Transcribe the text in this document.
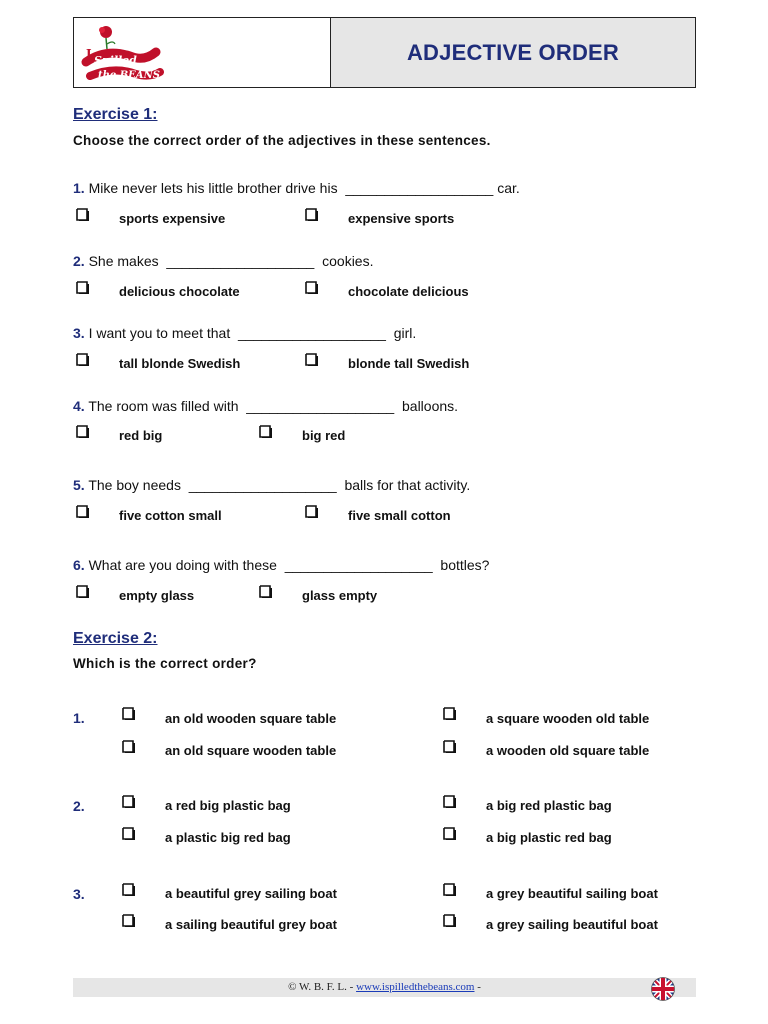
Spilled
the BEANS
I	ADJECTIVE ORDER
Exercise 1:
Choose the correct order of the adjectives in these sentences.
1. Mike never lets his little brother drive his ___________________ car.
sports expensive	expensive sports
2. She makes ___________________ cookies.
delicious chocolate	chocolate delicious
3. I want you to meet that ___________________ girl.
tall blonde Swedish	blonde tall Swedish
4. The room was filled with ___________________ balloons.
red big	big red
5. The boy needs ___________________ balls for that activity.
five cotton small	five small cotton
6. What are you doing with these ___________________ bottles?
empty glass	glass empty
Exercise 2:
Which is the correct order?
1.	an old wooden square table	a square wooden old table
an old square wooden table	a wooden old square table
2.	a red big plastic bag	a big red plastic bag
a plastic big red bag	a big plastic red bag
3.	a beautiful grey sailing boat	a grey beautiful sailing boat
a sailing beautiful grey boat	a grey sailing beautiful boat
© W. B. F. L. - www.ispilledthebeans.com -
